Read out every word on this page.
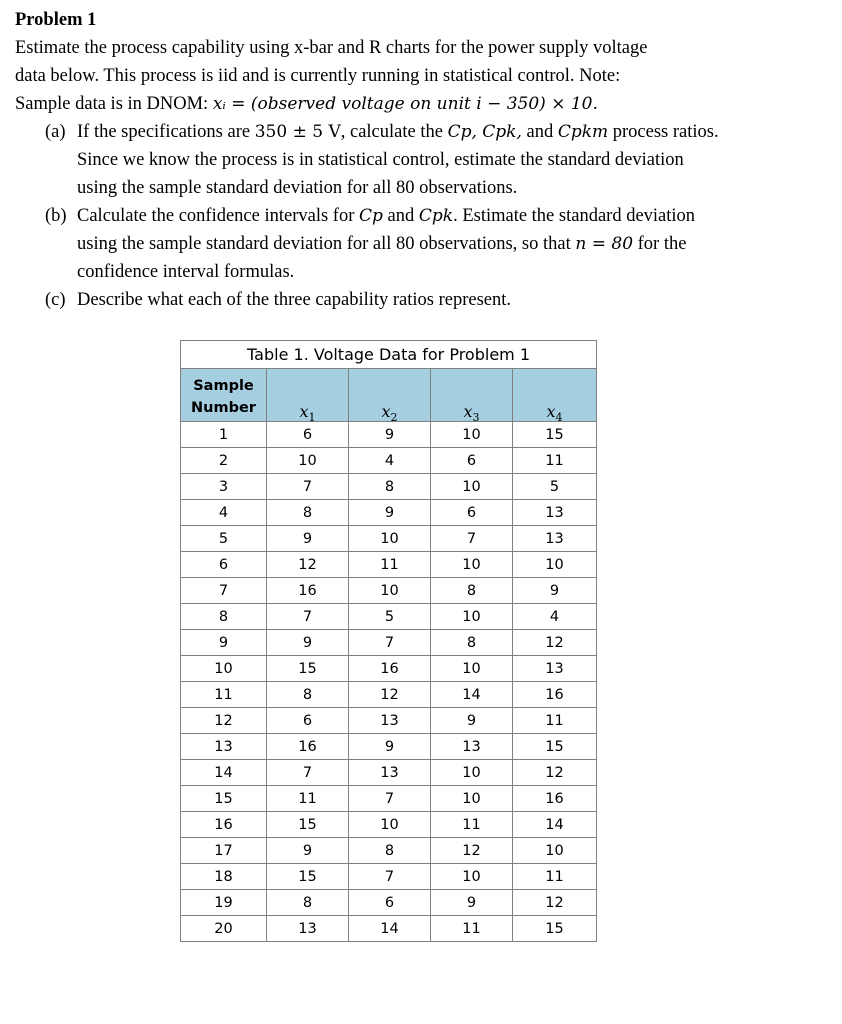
Problem 1
Estimate the process capability using x-bar and R charts for the power supply voltage
data below. This process is iid and is currently running in statistical control. Note:
Sample data is in DNOM: xᵢ = (observed voltage on unit i − 350) × 10.
(a) If the specifications are 350 ± 5 V, calculate the Cp, Cpk, and Cpkm process ratios.
Since we know the process is in statistical control, estimate the standard deviation
using the sample standard deviation for all 80 observations.
(b) Calculate the confidence intervals for Cp and Cpk. Estimate the standard deviation
using the sample standard deviation for all 80 observations, so that n = 80 for the
confidence interval formulas.
(c) Describe what each of the three capability ratios represent.
Table 1. Voltage Data for Problem 1				
Sample
Number	$x_1$	$x_2$	$x_3$	$x_4$
1	6	9	10	15
2	10	4	6	11
3	7	8	10	5
4	8	9	6	13
5	9	10	7	13
6	12	11	10	10
7	16	10	8	9
8	7	5	10	4
9	9	7	8	12
10	15	16	10	13
11	8	12	14	16
12	6	13	9	11
13	16	9	13	15
14	7	13	10	12
15	11	7	10	16
16	15	10	11	14
17	9	8	12	10
18	15	7	10	11
19	8	6	9	12
20	13	14	11	15
